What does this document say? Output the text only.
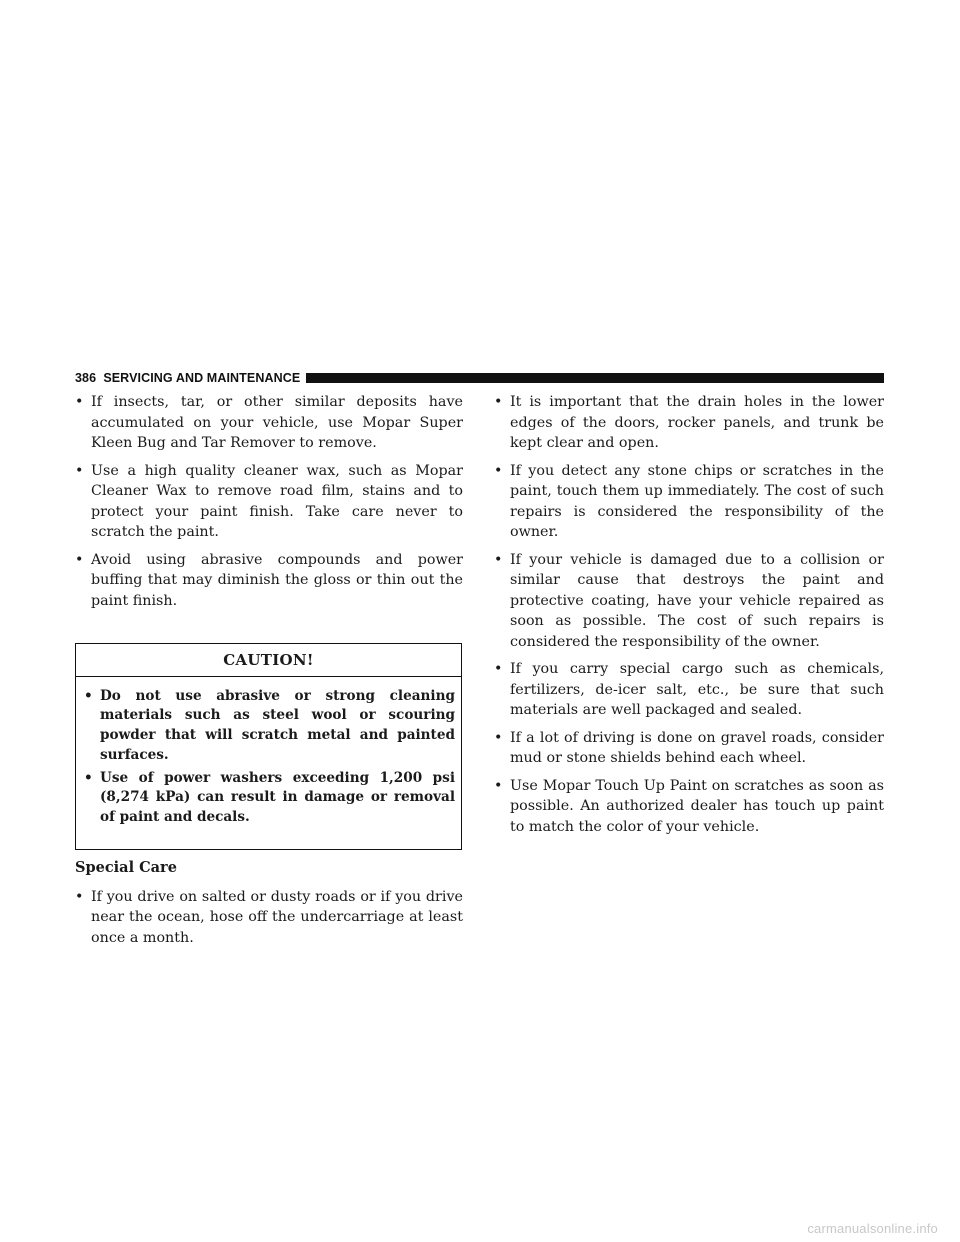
386 SERVICING AND MAINTENANCE
• If insects, tar, or other similar deposits have accumulated on your vehicle, use Mopar Super Kleen Bug and Tar Remover to remove.
• Use a high quality cleaner wax, such as Mopar Cleaner Wax to remove road film, stains and to protect your paint finish. Take care never to scratch the paint.
• Avoid using abrasive compounds and power buffing that may diminish the gloss or thin out the paint finish.
CAUTION!
• Do not use abrasive or strong cleaning materials such as steel wool or scouring powder that will scratch metal and painted surfaces.
• Use of power washers exceeding 1,200 psi (8,274 kPa) can result in damage or removal of paint and decals.
Special Care
• If you drive on salted or dusty roads or if you drive near the ocean, hose off the undercarriage at least once a month.
• It is important that the drain holes in the lower edges of the doors, rocker panels, and trunk be kept clear and open.
• If you detect any stone chips or scratches in the paint, touch them up immediately. The cost of such repairs is considered the responsibility of the owner.
• If your vehicle is damaged due to a collision or similar cause that destroys the paint and protective coating, have your vehicle repaired as soon as possible. The cost of such repairs is considered the responsibility of the owner.
• If you carry special cargo such as chemicals, fertilizers, de-icer salt, etc., be sure that such materials are well packaged and sealed.
• If a lot of driving is done on gravel roads, consider mud or stone shields behind each wheel.
• Use Mopar Touch Up Paint on scratches as soon as possible. An authorized dealer has touch up paint to match the color of your vehicle.
carmanualsonline.info
